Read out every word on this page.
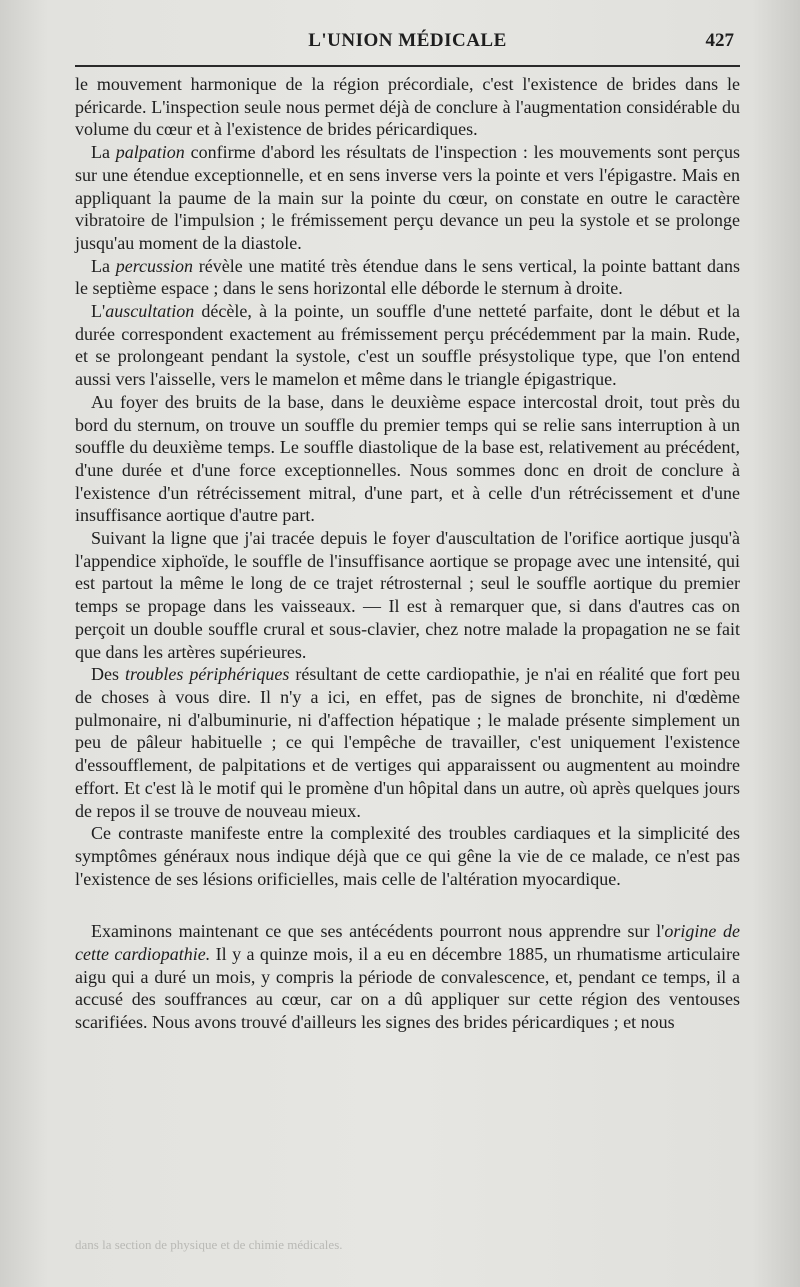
L'UNION MÉDICALE	427

le mouvement harmonique de la région précordiale, c'est l'existence de brides dans le péricarde. L'inspection seule nous permet déjà de conclure à l'augmentation considérable du volume du cœur et à l'existence de brides péricardiques.

La palpation confirme d'abord les résultats de l'inspection : les mouvements sont perçus sur une étendue exceptionnelle, et en sens inverse vers la pointe et vers l'épigastre. Mais en appliquant la paume de la main sur la pointe du cœur, on constate en outre le caractère vibratoire de l'impulsion ; le frémissement perçu devance un peu la systole et se prolonge jusqu'au moment de la diastole.

La percussion révèle une matité très étendue dans le sens vertical, la pointe battant dans le septième espace ; dans le sens horizontal elle déborde le sternum à droite.

L'auscultation décèle, à la pointe, un souffle d'une netteté parfaite, dont le début et la durée correspondent exactement au frémissement perçu précédemment par la main. Rude, et se prolongeant pendant la systole, c'est un souffle présystolique type, que l'on entend aussi vers l'aisselle, vers le mamelon et même dans le triangle épigastrique.

Au foyer des bruits de la base, dans le deuxième espace intercostal droit, tout près du bord du sternum, on trouve un souffle du premier temps qui se relie sans interruption à un souffle du deuxième temps. Le souffle diastolique de la base est, relativement au précédent, d'une durée et d'une force exceptionnelles. Nous sommes donc en droit de conclure à l'existence d'un rétrécissement mitral, d'une part, et à celle d'un rétrécissement et d'une insuffisance aortique d'autre part.

Suivant la ligne que j'ai tracée depuis le foyer d'auscultation de l'orifice aortique jusqu'à l'appendice xiphoïde, le souffle de l'insuffisance aortique se propage avec une intensité, qui est partout la même le long de ce trajet rétrosternal ; seul le souffle aortique du premier temps se propage dans les vaisseaux. — Il est à remarquer que, si dans d'autres cas on perçoit un double souffle crural et sous-clavier, chez notre malade la propagation ne se fait que dans les artères supérieures.

Des troubles périphériques résultant de cette cardiopathie, je n'ai en réalité que fort peu de choses à vous dire. Il n'y a ici, en effet, pas de signes de bronchite, ni d'œdème pulmonaire, ni d'albuminurie, ni d'affection hépatique ; le malade présente simplement un peu de pâleur habituelle ; ce qui l'empêche de travailler, c'est uniquement l'existence d'essoufflement, de palpitations et de vertiges qui apparaissent ou augmentent au moindre effort. Et c'est là le motif qui le promène d'un hôpital dans un autre, où après quelques jours de repos il se trouve de nouveau mieux.

Ce contraste manifeste entre la complexité des troubles cardiaques et la simplicité des symptômes généraux nous indique déjà que ce qui gêne la vie de ce malade, ce n'est pas l'existence de ses lésions orificielles, mais celle de l'altération myocardique.

Examinons maintenant ce que ses antécédents pourront nous apprendre sur l'origine de cette cardiopathie. Il y a quinze mois, il a eu en décembre 1885, un rhumatisme articulaire aigu qui a duré un mois, y compris la période de convalescence, et, pendant ce temps, il a accusé des souffrances au cœur, car on a dû appliquer sur cette région des ventouses scarifiées. Nous avons trouvé d'ailleurs les signes des brides péricardiques ; et nous

dans la section de physique et de chimie médicales.
